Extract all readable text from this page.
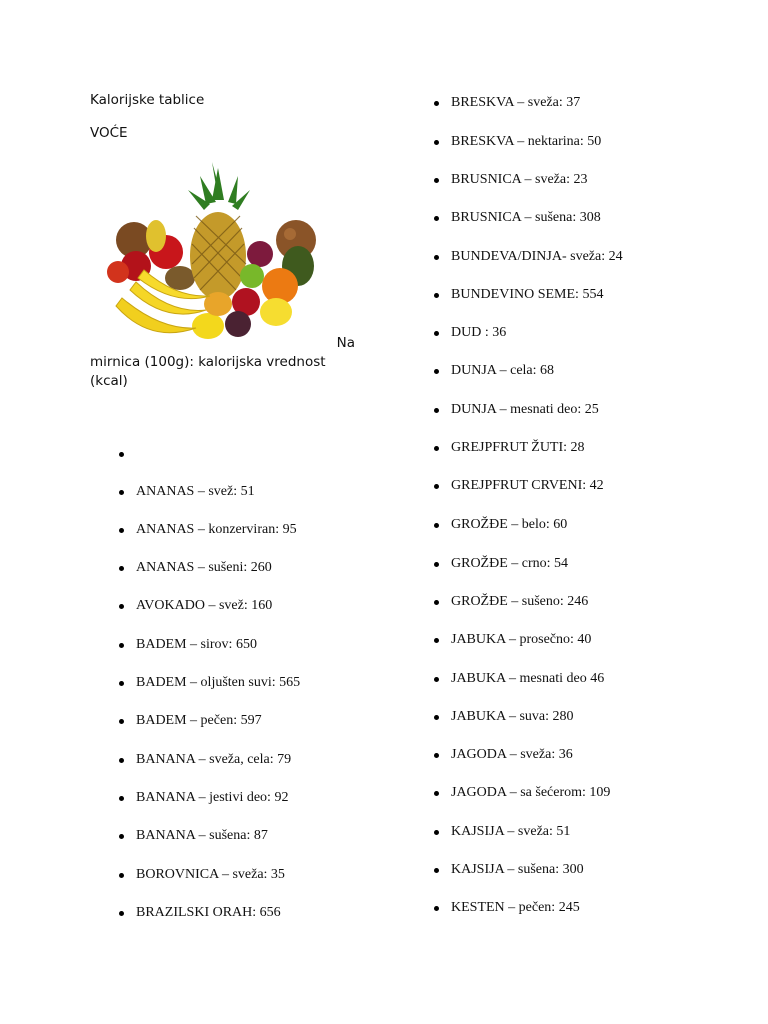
Kalorijske tablice
VOĆE
Na
mirnica (100g): kalorijska vrednost (kcal)
ANANAS – svež: 51
ANANAS – konzerviran: 95
ANANAS – sušeni: 260
AVOKADO – svež: 160
BADEM – sirov: 650
BADEM – oljušten suvi: 565
BADEM – pečen: 597
BANANA – sveža, cela: 79
BANANA – jestivi deo: 92
BANANA – sušena: 87
BOROVNICA – sveža: 35
BRAZILSKI ORAH: 656
BRESKVA – sveža: 37
BRESKVA – nektarina: 50
BRUSNICA – sveža: 23
BRUSNICA – sušena: 308
BUNDEVA/DINJA- sveža: 24
BUNDEVINO SEME: 554
DUD : 36
DUNJA – cela: 68
DUNJA – mesnati deo: 25
GREJPFRUT ŽUTI: 28
GREJPFRUT CRVENI: 42
GROŽĐE – belo: 60
GROŽĐE – crno: 54
GROŽĐE – sušeno: 246
JABUKA – prosečno: 40
JABUKA – mesnati deo 46
JABUKA – suva: 280
JAGODA – sveža: 36
JAGODA – sa šećerom: 109
KAJSIJA – sveža: 51
KAJSIJA – sušena: 300
KESTEN – pečen: 245
